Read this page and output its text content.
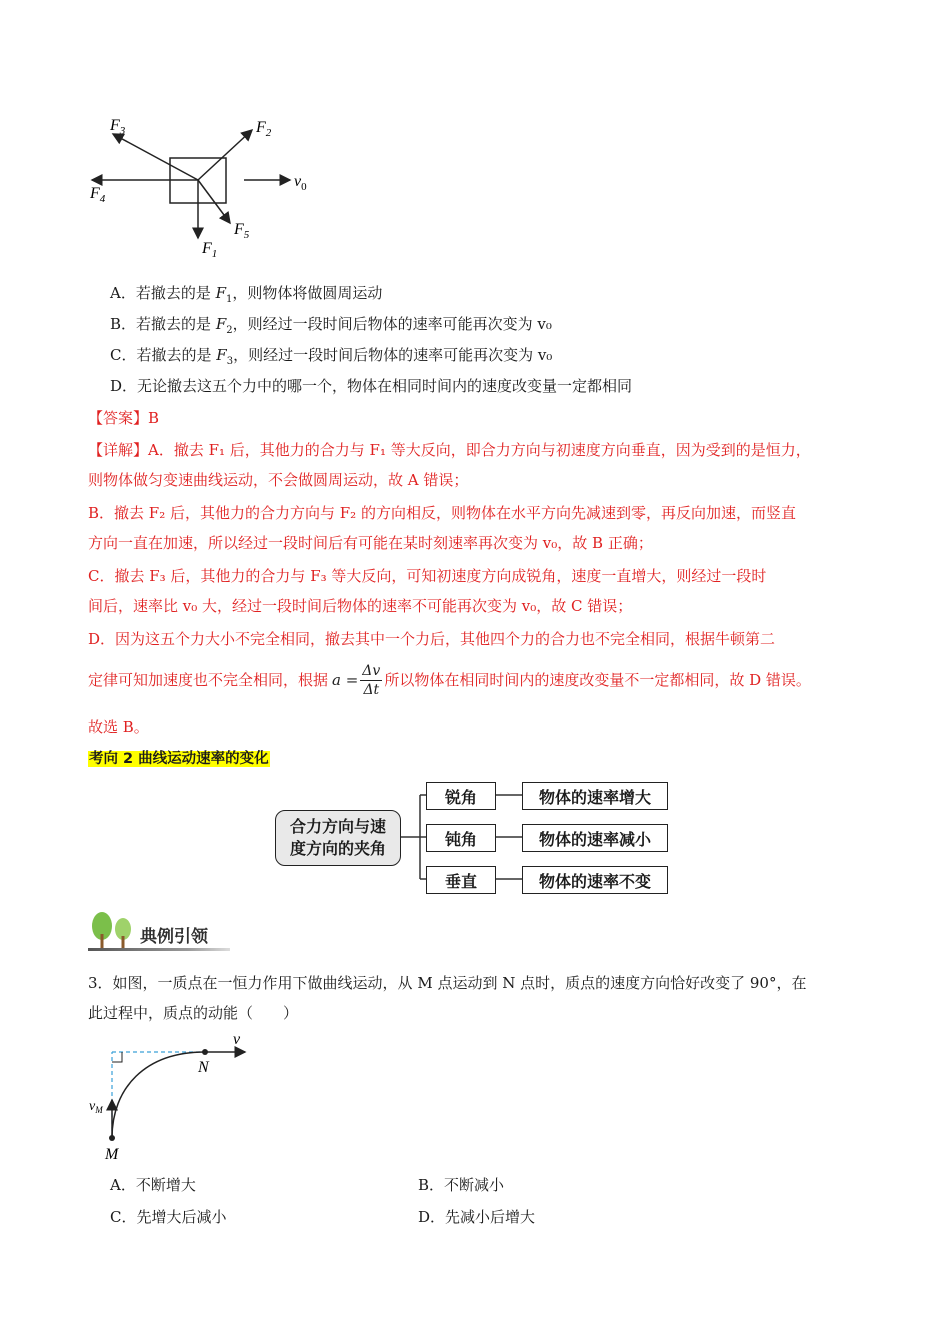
$F_3$	$F_2$
$F_4$
$F_5$
$F_1$
$v_0$
A．若撤去的是 $F_1$，则物体将做圆周运动
B．若撤去的是 $F_2$，则经过一段时间后物体的速率可能再次变为 v₀
C．若撤去的是 $F_3$，则经过一段时间后物体的速率可能再次变为 v₀
D．无论撤去这五个力中的哪一个，物体在相同时间内的速度改变量一定都相同
【答案】B
【详解】A．撤去 F₁ 后，其他力的合力与 F₁ 等大反向，即合力方向与初速度方向垂直，因为受到的是恒力，
则物体做匀变速曲线运动，不会做圆周运动，故 A 错误；
B．撤去 F₂ 后，其他力的合力方向与 F₂ 的方向相反，则物体在水平方向先减速到零，再反向加速，而竖直
方向一直在加速，所以经过一段时间后有可能在某时刻速率再次变为 v₀，故 B 正确；
C．撤去 F₃ 后，其他力的合力与 F₃ 等大反向，可知初速度方向成锐角，速度一直增大，则经过一段时
间后，速率比 v₀ 大，经过一段时间后物体的速率不可能再次变为 v₀，故 C 错误；
D．因为这五个力大小不完全相同，撤去其中一个力后，其他四个力的合力也不完全相同，根据牛顿第二
定律可知加速度也不完全相同，根据 $a = \frac{\Delta v}{\Delta t}$ 所以物体在相同时间内的速度改变量不一定都相同，故 D 错误。
故选 B。
考向 2 曲线运动速率的变化
合力方向与速
度方向的夹角
锐角	物体的速率增大
钝角	物体的速率减小
垂直	物体的速率不变
典例引领
3．如图，一质点在一恒力作用下做曲线运动，从 M 点运动到 N 点时，质点的速度方向恰好改变了 90°，在
此过程中，质点的动能（　　）
v
N
M
$v_M$
A．不断增大	B．不断减小
C．先增大后减小	D．先减小后增大
